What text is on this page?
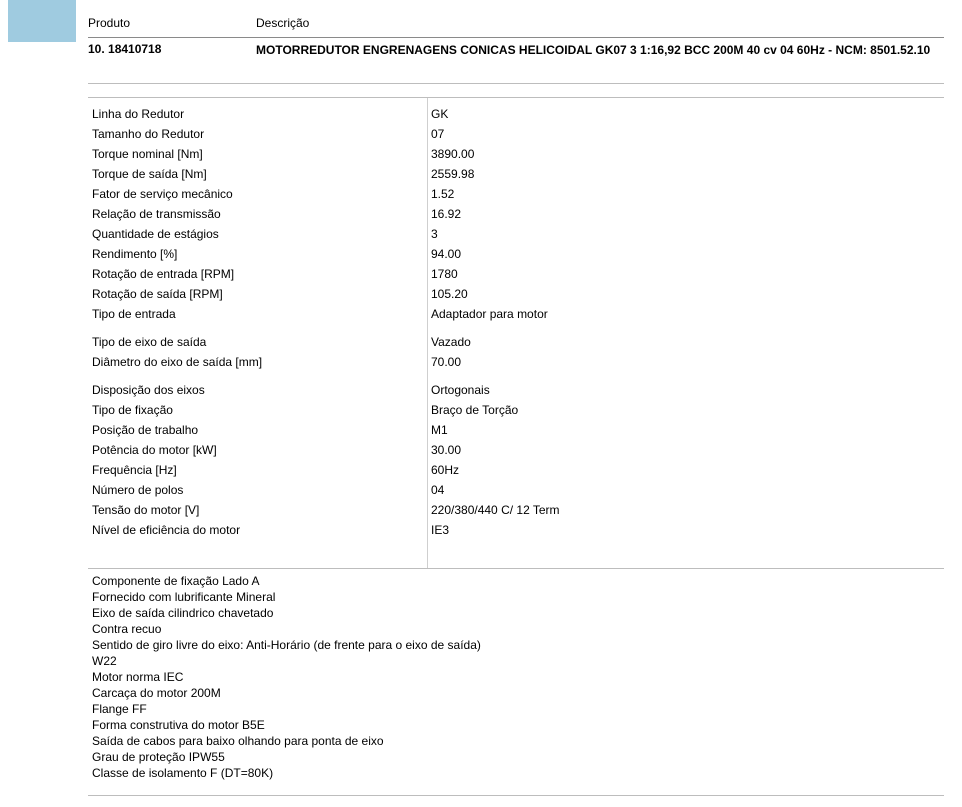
Produto	Descrição
10. 18410718	MOTORREDUTOR ENGRENAGENS CONICAS HELICOIDAL GK07 3 1:16,92 BCC 200M 40 cv 04 60Hz - NCM: 8501.52.10
Linha do Redutor	GK
Tamanho do Redutor	07
Torque nominal [Nm]	3890.00
Torque de saída [Nm]	2559.98
Fator de serviço mecânico	1.52
Relação de transmissão	16.92
Quantidade de estágios	3
Rendimento [%]	94.00
Rotação de entrada [RPM]	1780
Rotação de saída [RPM]	105.20
Tipo de entrada	Adaptador para motor
Tipo de eixo de saída	Vazado
Diâmetro do eixo de saída [mm]	70.00
Disposição dos eixos	Ortogonais
Tipo de fixação	Braço de Torção
Posição de trabalho	M1
Potência do motor [kW]	30.00
Frequência [Hz]	60Hz
Número de polos	04
Tensão do motor [V]	220/380/440 C/ 12 Term
Nível de eficiência do motor	IE3
Componente de fixação Lado A
Fornecido com lubrificante Mineral
Eixo de saída cilindrico chavetado
Contra recuo
Sentido de giro livre do eixo: Anti-Horário (de frente para o eixo de saída)
W22
Motor norma IEC
Carcaça do motor 200M
Flange FF
Forma construtiva do motor B5E
Saída de cabos para baixo olhando para ponta de eixo
Grau de proteção IPW55
Classe de isolamento F (DT=80K)
